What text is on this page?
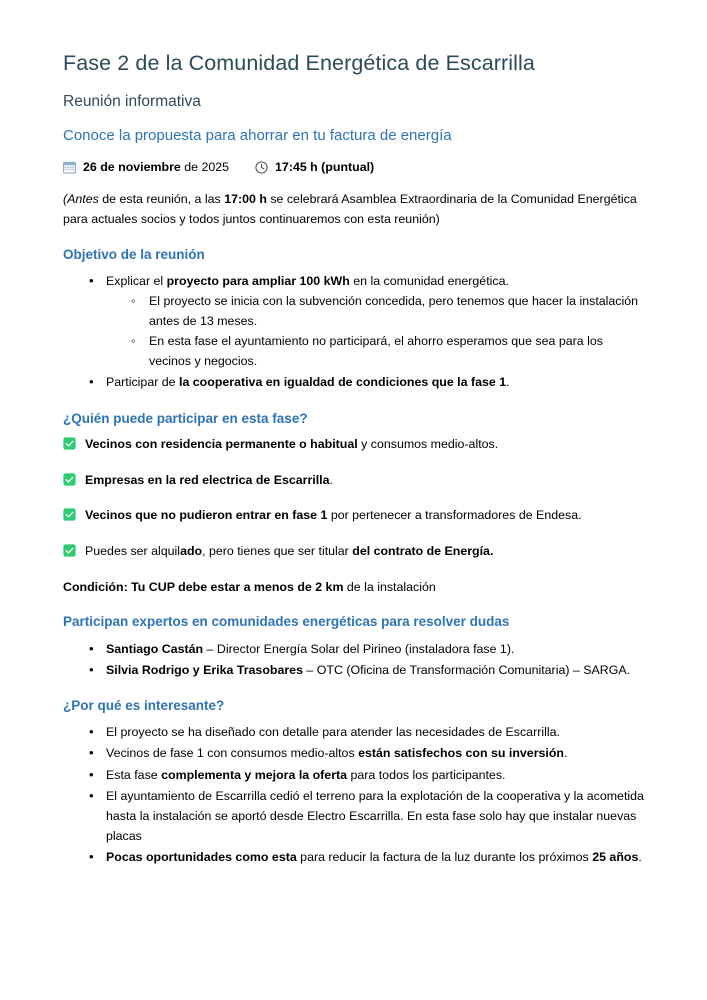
Fase 2 de la Comunidad Energética de Escarrilla
Reunión informativa
Conoce la propuesta para ahorrar en tu factura de energía
26 de noviembre de 2025	17:45 h (puntual)

(Antes de esta reunión, a las 17:00 h se celebrará Asamblea Extraordinaria de la Comunidad Energética para actuales socios y todos juntos continuaremos con esta reunión)

Objetivo de la reunión
• Explicar el proyecto para ampliar 100 kWh en la comunidad energética.
◦ El proyecto se inicia con la subvención concedida, pero tenemos que hacer la instalación antes de 13 meses.
◦ En esta fase el ayuntamiento no participará, el ahorro esperamos que sea para los vecinos y negocios.
• Participar de la cooperativa en igualdad de condiciones que la fase 1.
¿Quién puede participar en esta fase?
Vecinos con residencia permanente o habitual y consumos medio-altos.
Empresas en la red electrica de Escarrilla.
Vecinos que no pudieron entrar en fase 1 por pertenecer a transformadores de Endesa.
Puedes ser alquilado, pero tienes que ser titular del contrato de Energía.

Condición: Tu CUP debe estar a menos de 2 km de la instalación

Participan expertos en comunidades energéticas para resolver dudas
• Santiago Castán – Director Energía Solar del Pirineo (instaladora fase 1).
• Silvia Rodrigo y Erika Trasobares – OTC (Oficina de Transformación Comunitaria) – SARGA.
¿Por qué es interesante?
• El proyecto se ha diseñado con detalle para atender las necesidades de Escarrilla.
• Vecinos de fase 1 con consumos medio-altos están satisfechos con su inversión.
• Esta fase complementa y mejora la oferta para todos los participantes.
• El ayuntamiento de Escarrilla cedió el terreno para la explotación de la cooperativa y la acometida hasta la instalación se aportó desde Electro Escarrilla. En esta fase solo hay que instalar nuevas placas
• Pocas oportunidades como esta para reducir la factura de la luz durante los próximos 25 años.
